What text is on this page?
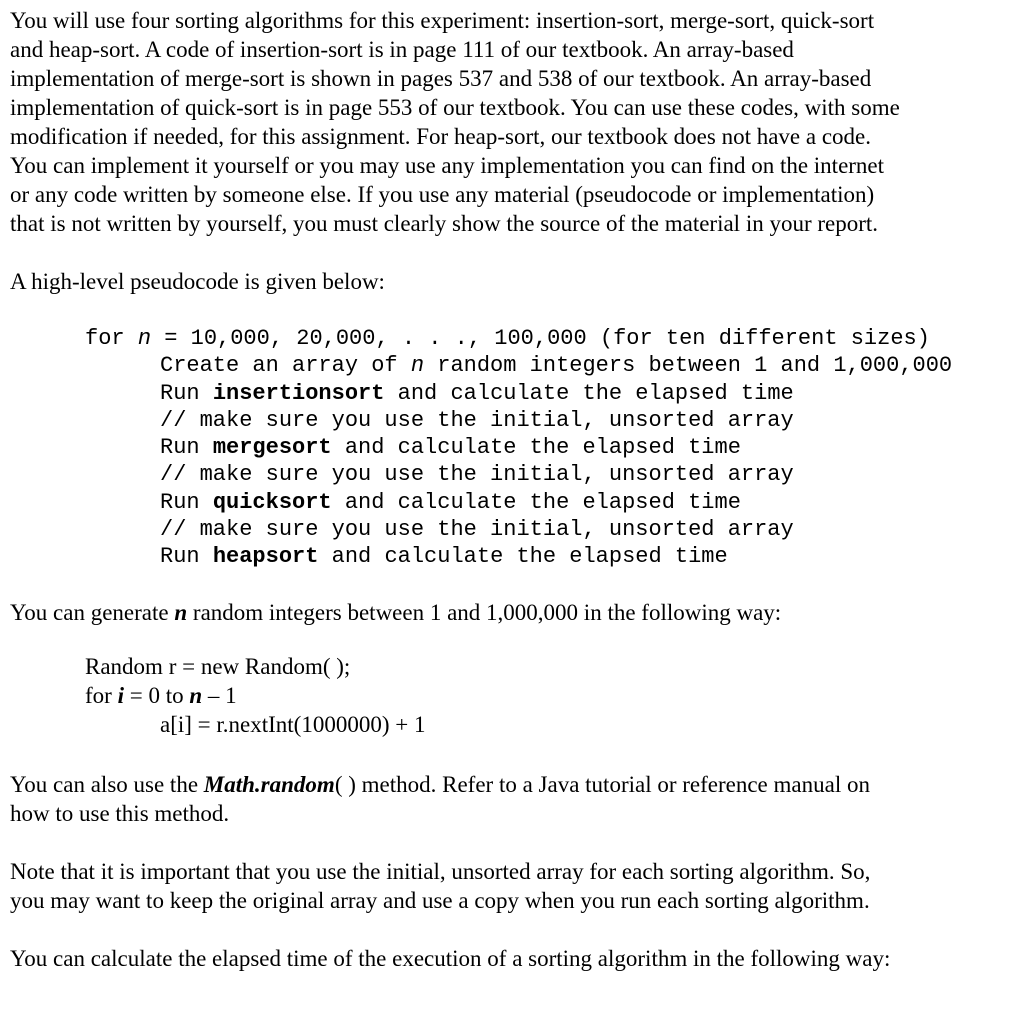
You will use four sorting algorithms for this experiment: insertion-sort, merge-sort, quick-sort
and heap-sort. A code of insertion-sort is in page 111 of our textbook. An array-based
implementation of merge-sort is shown in pages 537 and 538 of our textbook. An array-based
implementation of quick-sort is in page 553 of our textbook. You can use these codes, with some
modification if needed, for this assignment. For heap-sort, our textbook does not have a code.
You can implement it yourself or you may use any implementation you can find on the internet
or any code written by someone else. If you use any material (pseudocode or implementation)
that is not written by yourself, you must clearly show the source of the material in your report.

A high-level pseudocode is given below:

for n = 10,000, 20,000, . . ., 100,000 (for ten different sizes)
Create an array of n random integers between 1 and 1,000,000
Run insertionsort and calculate the elapsed time
// make sure you use the initial, unsorted array
Run mergesort and calculate the elapsed time
// make sure you use the initial, unsorted array
Run quicksort and calculate the elapsed time
// make sure you use the initial, unsorted array
Run heapsort and calculate the elapsed time

You can generate n random integers between 1 and 1,000,000 in the following way:

Random r = new Random( );
for i = 0 to n – 1
a[i] = r.nextInt(1000000) + 1

You can also use the Math.random( ) method. Refer to a Java tutorial or reference manual on
how to use this method.

Note that it is important that you use the initial, unsorted array for each sorting algorithm. So,
you may want to keep the original array and use a copy when you run each sorting algorithm.

You can calculate the elapsed time of the execution of a sorting algorithm in the following way:
